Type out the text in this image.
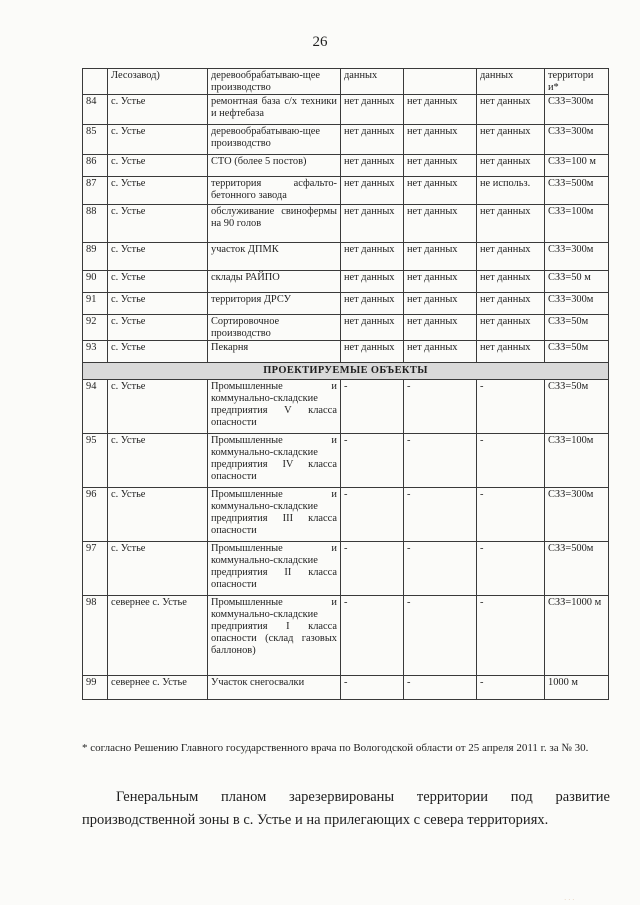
26
	Лесозавод)	деревообрабатываю-щее производство	данных		данных	территори и*
84	с. Устье	ремонтная база с/х техники и нефтебаза	нет данных	нет данных	нет данных	СЗЗ=300м
85	с. Устье	деревообрабатываю-щее производство	нет данных	нет данных	нет данных	СЗЗ=300м
86	с. Устье	СТО (более 5 постов)	нет данных	нет данных	нет данных	СЗЗ=100 м
87	с. Устье	территория асфальто-бетонного завода	нет данных	нет данных	не использ.	СЗЗ=500м
88	с. Устье	обслуживание свинофермы на 90 голов	нет данных	нет данных	нет данных	СЗЗ=100м
89	с. Устье	участок ДПМК	нет данных	нет данных	нет данных	СЗЗ=300м
90	с. Устье	склады РАЙПО	нет данных	нет данных	нет данных	СЗЗ=50 м
91	с. Устье	территория ДРСУ	нет данных	нет данных	нет данных	СЗЗ=300м
92	с. Устье	Сортировочное производство	нет данных	нет данных	нет данных	СЗЗ=50м
93	с. Устье	Пекарня	нет данных	нет данных	нет данных	СЗЗ=50м
ПРОЕКТИРУЕМЫЕ ОБЪЕКТЫ						
94	с. Устье	Промышленные и коммунально-складские предприятия V класса опасности	-	-	-	СЗЗ=50м
95	с. Устье	Промышленные и коммунально-складские предприятия IV класса опасности	-	-	-	СЗЗ=100м
96	с. Устье	Промышленные и коммунально-складские предприятия III класса опасности	-	-	-	СЗЗ=300м
97	с. Устье	Промышленные и коммунально-складские предприятия II класса опасности	-	-	-	СЗЗ=500м
98	севернее с. Устье	Промышленные и коммунально-складские предприятия I класса опасности (склад газовых баллонов)	-	-	-	СЗЗ=1000 м
99	севернее с. Устье	Участок снегосвалки	-	-	-	1000 м
* согласно Решению Главного государственного врача по Вологодской области от 25 апреля 2011 г. за № 30.
Генеральным планом зарезервированы территории под развитие производственной зоны в с. Устье и на прилегающих с севера территориях.
· · ·
